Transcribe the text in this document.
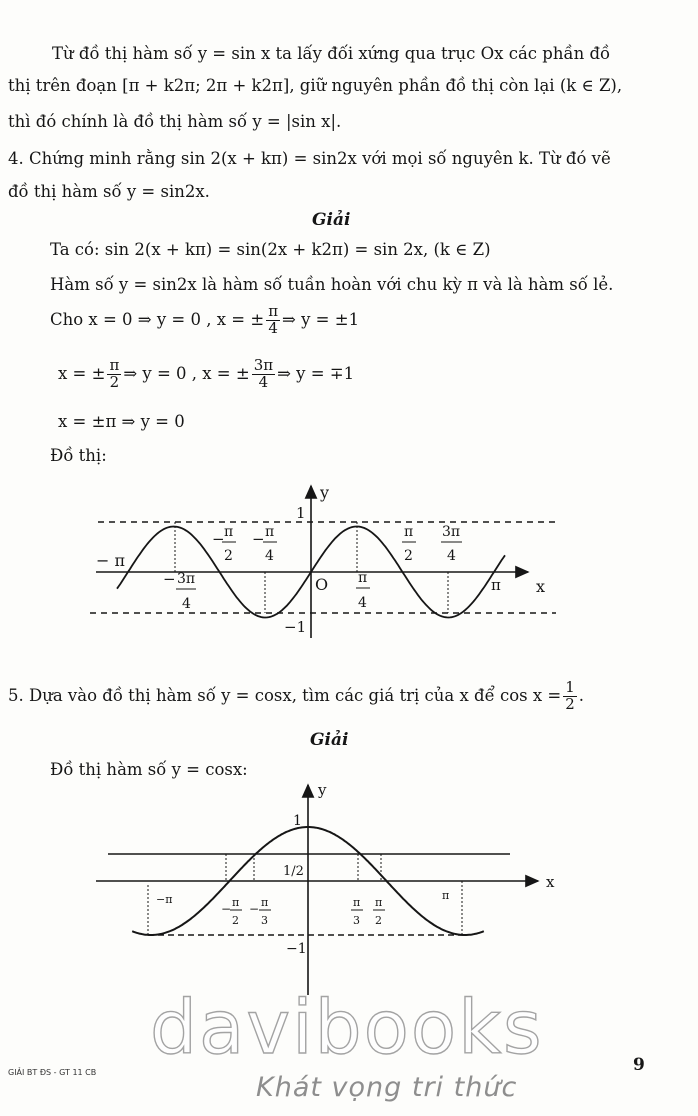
Từ đồ thị hàm số y = sin x ta lấy đối xứng qua trục Ox các phần đồ
thị trên đoạn [π + k2π; 2π + k2π], giữ nguyên phần đồ thị còn lại (k ∈ Z),
thì đó chính là đồ thị hàm số y = |sin x|.
4. Chứng minh rằng sin 2(x + kπ) = sin2x với mọi số nguyên k. Từ đó vẽ
đồ thị hàm số y = sin2x.
Giải
Ta có: sin 2(x + kπ) = sin(2x + k2π) = sin 2x, (k ∈ Z)
Hàm số y = sin2x là hàm số tuần hoàn với chu kỳ π và là hàm số lẻ.
Cho x = 0 ⇒ y = 0 , x = ± $\frac{\pi}{4}$ ⇒ y = ±1
x = ± $\frac{\pi}{2}$ ⇒ y = 0 , x = ± $\frac{3\pi}{4}$ ⇒ y = ∓1
x = ±π ⇒ y = 0
Đồ thị:
− π
π x
y
1
−1
O
− 3π
4
− π
2
− π
4
π
4
π
2
3π
4
5. Dựa vào đồ thị hàm số y = cosx, tìm các giá trị của x để $\cos x = \frac{1}{2}$ .
Giải
Đồ thị hàm số y = cosx:
y
x
1
−1
1/2
−π	π
− π
2
− π
3
π
3
π
2
davibooks
Khát vọng tri thức
GIẢI BT ĐS - GT 11 CB	9
